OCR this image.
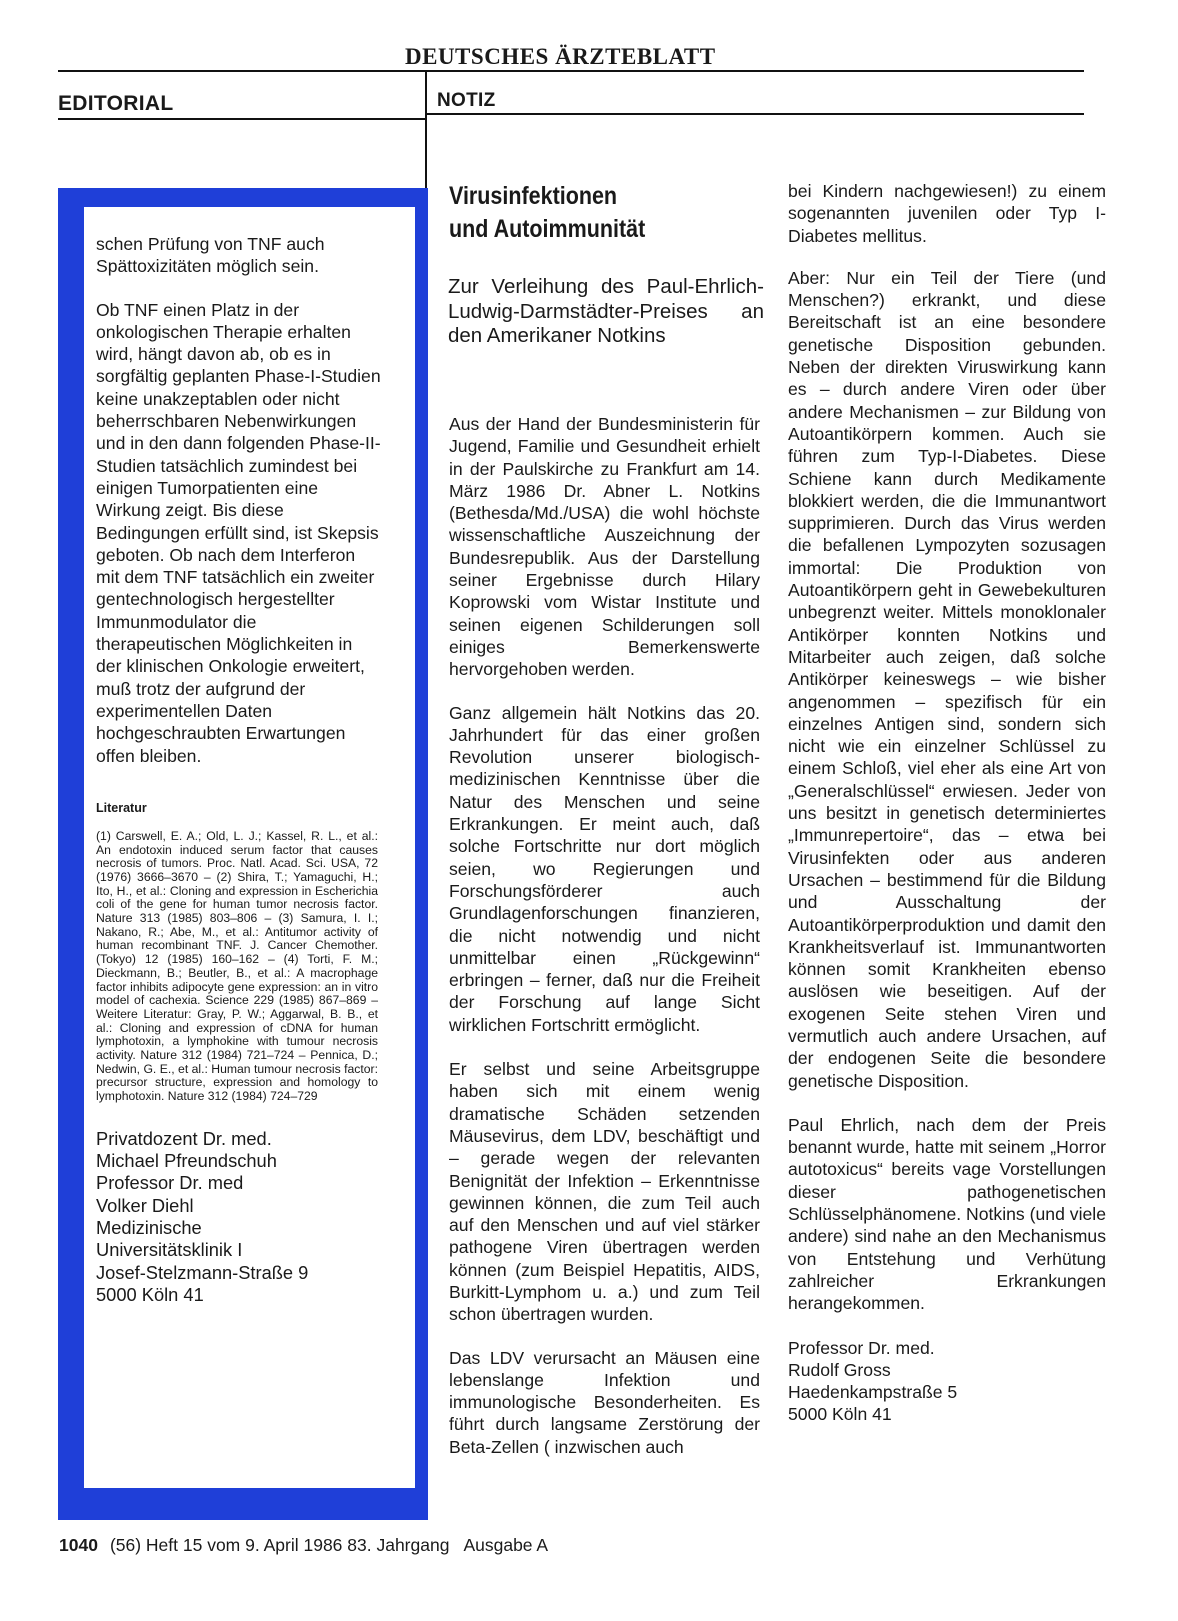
DEUTSCHES ÄRZTEBLATT
EDITORIAL	NOTIZ

schen Prüfung von TNF auch Spättoxizitäten möglich sein.

Ob TNF einen Platz in der onkologischen Therapie erhalten wird, hängt davon ab, ob es in sorgfältig geplanten Phase-I-Studien keine unakzeptablen oder nicht beherrschbaren Nebenwirkungen und in den dann folgenden Phase-II-Studien tatsächlich zumindest bei einigen Tumorpatienten eine Wirkung zeigt. Bis diese Bedingungen erfüllt sind, ist Skepsis geboten. Ob nach dem Interferon mit dem TNF tatsächlich ein zweiter gentechnologisch hergestellter Immunmodulator die therapeutischen Möglichkeiten in der klinischen Onkologie erweitert, muß trotz der aufgrund der experimentellen Daten hochgeschraubten Erwartungen offen bleiben.

Literatur

(1) Carswell, E. A.; Old, L. J.; Kassel, R. L., et al.: An endotoxin induced serum factor that causes necrosis of tumors. Proc. Natl. Acad. Sci. USA, 72 (1976) 3666–3670 – (2) Shira, T.; Yamaguchi, H.; Ito, H., et al.: Cloning and expression in Escherichia coli of the gene for human tumor necrosis factor. Nature 313 (1985) 803–806 – (3) Samura, I. I.; Nakano, R.; Abe, M., et al.: Antitumor activity of human recombinant TNF. J. Cancer Chemother. (Tokyo) 12 (1985) 160–162 – (4) Torti, F. M.; Dieckmann, B.; Beutler, B., et al.: A macrophage factor inhibits adipocyte gene expression: an in vitro model of cachexia. Science 229 (1985) 867–869 – Weitere Literatur: Gray, P. W.; Aggarwal, B. B., et al.: Cloning and expression of cDNA for human lymphotoxin, a lymphokine with tumour necrosis activity. Nature 312 (1984) 721–724 – Pennica, D.; Nedwin, G. E., et al.: Human tumour necrosis factor: precursor structure, expression and homology to lymphotoxin. Nature 312 (1984) 724–729

Privatdozent Dr. med.

Michael Pfreundschuh

Professor Dr. med

Volker Diehl

Medizinische

Universitätsklinik I

Josef-Stelzmann-Straße 9

5000 Köln 41

Virusinfektionen
und Autoimmunität

Zur Verleihung des Paul-Ehrlich-Ludwig-Darmstädter-Preises an den Amerikaner Notkins

Aus der Hand der Bundesministerin für Jugend, Familie und Gesundheit erhielt in der Paulskirche zu Frankfurt am 14. März 1986 Dr. Abner L. Notkins (Bethesda/Md./USA) die wohl höchste wissenschaftliche Auszeichnung der Bundesrepublik. Aus der Darstellung seiner Ergebnisse durch Hilary Koprowski vom Wistar Institute und seinen eigenen Schilderungen soll einiges Bemerkenswerte hervorgehoben werden.

Ganz allgemein hält Notkins das 20. Jahrhundert für das einer großen Revolution unserer biologisch-medizinischen Kenntnisse über die Natur des Menschen und seine Erkrankungen. Er meint auch, daß solche Fortschritte nur dort möglich seien, wo Regierungen und Forschungsförderer auch Grundlagenforschungen finanzieren, die nicht notwendig und nicht unmittelbar einen „Rückgewinn“ erbringen – ferner, daß nur die Freiheit der Forschung auf lange Sicht wirklichen Fortschritt ermöglicht.

Er selbst und seine Arbeitsgruppe haben sich mit einem wenig dramatische Schäden setzenden Mäusevirus, dem LDV, beschäftigt und – gerade wegen der relevanten Benignität der Infektion – Erkenntnisse gewinnen können, die zum Teil auch auf den Menschen und auf viel stärker pathogene Viren übertragen werden können (zum Beispiel Hepatitis, AIDS, Burkitt-Lymphom u. a.) und zum Teil schon übertragen wurden.

Das LDV verursacht an Mäusen eine lebenslange Infektion und immunologische Besonderheiten. Es führt durch langsame Zerstörung der Beta-Zellen ( inzwischen auch

bei Kindern nachgewiesen!) zu einem sogenannten juvenilen oder Typ I-Diabetes mellitus.

Aber: Nur ein Teil der Tiere (und Menschen?) erkrankt, und diese Bereitschaft ist an eine besondere genetische Disposition gebunden. Neben der direkten Viruswirkung kann es – durch andere Viren oder über andere Mechanismen – zur Bildung von Autoantikörpern kommen. Auch sie führen zum Typ-I-Diabetes. Diese Schiene kann durch Medikamente blokkiert werden, die die Immunantwort supprimieren. Durch das Virus werden die befallenen Lympozyten sozusagen immortal: Die Produktion von Autoantikörpern geht in Gewebekulturen unbegrenzt weiter. Mittels monoklonaler Antikörper konnten Notkins und Mitarbeiter auch zeigen, daß solche Antikörper keineswegs – wie bisher angenommen – spezifisch für ein einzelnes Antigen sind, sondern sich nicht wie ein einzelner Schlüssel zu einem Schloß, viel eher als eine Art von „Generalschlüssel“ erwiesen. Jeder von uns besitzt in genetisch determiniertes „Immunrepertoire“, das – etwa bei Virusinfekten oder aus anderen Ursachen – bestimmend für die Bildung und Ausschaltung der Autoantikörperproduktion und damit den Krankheitsverlauf ist. Immunantworten können somit Krankheiten ebenso auslösen wie beseitigen. Auf der exogenen Seite stehen Viren und vermutlich auch andere Ursachen, auf der endogenen Seite die besondere genetische Disposition.

Paul Ehrlich, nach dem der Preis benannt wurde, hatte mit seinem „Horror autotoxicus“ bereits vage Vorstellungen dieser pathogenetischen Schlüsselphänomene. Notkins (und viele andere) sind nahe an den Mechanismus von Entstehung und Verhütung zahlreicher Erkrankungen herangekommen.

Professor Dr. med.

Rudolf Gross

Haedenkampstraße 5

5000 Köln 41

1040 (56) Heft 15 vom 9. April 1986 83. Jahrgang Ausgabe A
